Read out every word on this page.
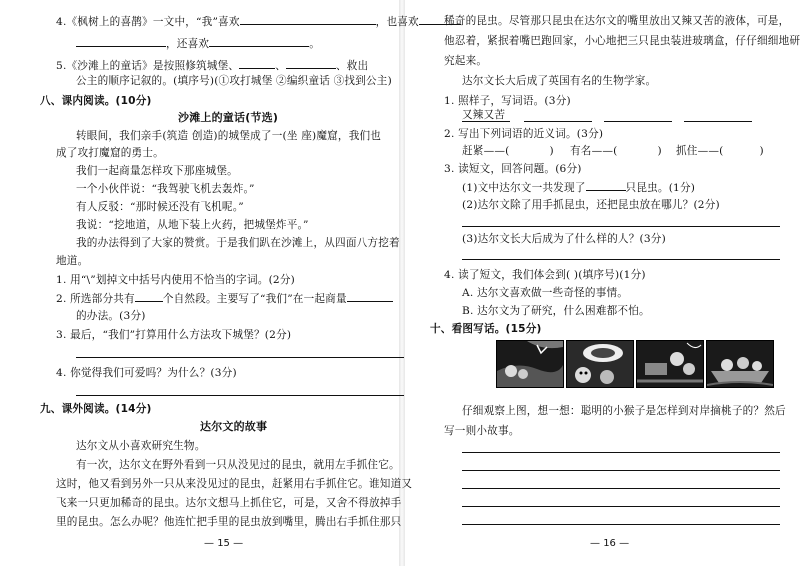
4.《枫树上的喜鹊》一文中，“我”喜欢	，也喜欢
，还喜欢	。
5.《沙滩上的童话》是按照修筑城堡、	、	、救出
公主的顺序记叙的。(填序号)(①攻打城堡 ②编织童话 ③找到公主)
八、课内阅读。(10分)
沙滩上的童话(节选)
转眼间，我们亲手(筑造 创造)的城堡成了一(坐 座)魔窟，我们也
成了攻打魔窟的勇士。
我们一起商量怎样攻下那座城堡。
一个小伙伴说：“我驾驶飞机去轰炸。”
有人反驳：“那时候还没有飞机呢。”
我说：“挖地道，从地下装上火药，把城堡炸平。”
我的办法得到了大家的赞赏。于是我们趴在沙滩上，从四面八方挖着
地道。
1. 用“\”划掉文中括号内使用不恰当的字词。(2分)
2. 所选部分共有	个自然段。主要写了“我们”在一起商量
的办法。(3分)
3. 最后，“我们”打算用什么方法攻下城堡？(2分)
4. 你觉得我们可爱吗？为什么？(3分)
九、课外阅读。(14分)
达尔文的故事
达尔文从小喜欢研究生物。
有一次，达尔文在野外看到一只从没见过的昆虫，就用左手抓住它。
这时，他又看到另外一只从来没见过的昆虫，赶紧用右手抓住它。谁知道又
飞来一只更加稀奇的昆虫。达尔文想马上抓住它，可是，又舍不得放掉手
里的昆虫。怎么办呢？他连忙把手里的昆虫放到嘴里，腾出右手抓住那只
— 15 —
稀奇的昆虫。尽管那只昆虫在达尔文的嘴里放出又辣又苦的液体，可是，
他忍着，紧抿着嘴巴跑回家，小心地把三只昆虫装进玻璃盒，仔仔细细地研
究起来。
达尔文长大后成了英国有名的生物学家。
1. 照样子，写词语。(3分)
又辣又苦
2. 写出下列词语的近义词。(3分)
赶紧——(	) 有名——(	) 抓住——(	)
3. 读短文，回答问题。(6分)
(1)文中达尔文一共发现了	只昆虫。(1分)
(2)达尔文除了用手抓昆虫，还把昆虫放在哪儿？(2分)
(3)达尔文长大后成为了什么样的人？(3分)
4. 读了短文，我们体会到( )(填序号)(1分)
A. 达尔文喜欢做一些奇怪的事情。
B. 达尔文为了研究，什么困难都不怕。
十、看图写话。(15分)
仔细观察上图，想一想：聪明的小猴子是怎样到对岸摘桃子的？然后
写一则小故事。
— 16 —
